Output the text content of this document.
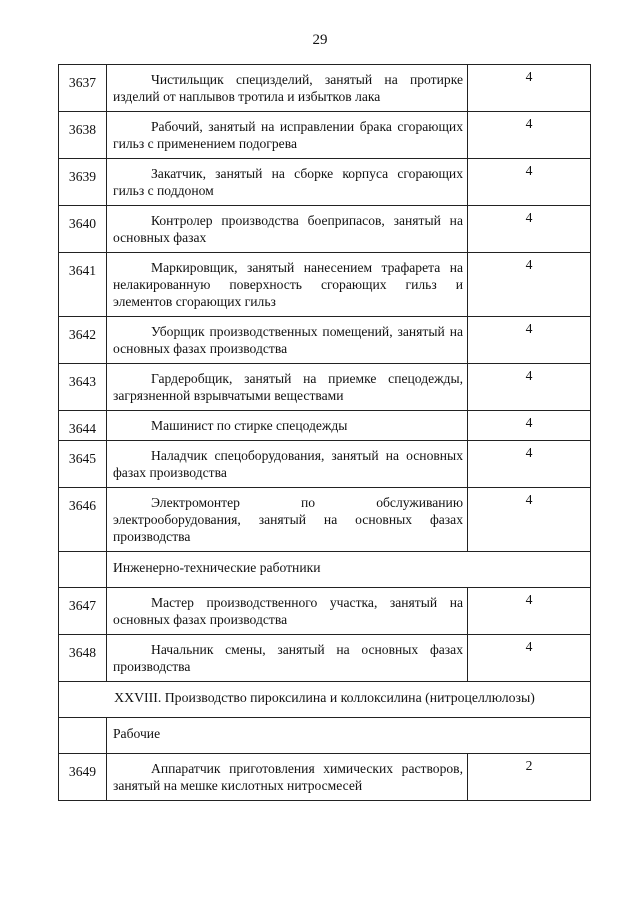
29
3637	Чистильщик специзделий, занятый на протирке изделий от наплывов тротила и избытков лака	4
3638	Рабочий, занятый на исправлении брака сгорающих гильз с применением подогрева	4
3639	Закатчик, занятый на сборке корпуса сгорающих гильз с поддоном	4
3640	Контролер производства боеприпасов, занятый на основных фазах	4
3641	Маркировщик, занятый нанесением трафарета на нелакированную поверхность сгорающих гильз и элементов сгорающих гильз	4
3642	Уборщик производственных помещений, занятый на основных фазах производства	4
3643	Гардеробщик, занятый на приемке спецодежды, загрязненной взрывчатыми веществами	4
3644	Машинист по стирке спецодежды	4
3645	Наладчик спецоборудования, занятый на основных фазах производства	4
3646	Электромонтер по обслуживанию электрооборудования, занятый на основных фазах производства	4
	Инженерно-технические работники	
3647	Мастер производственного участка, занятый на основных фазах производства	4
3648	Начальник смены, занятый на основных фазах производства	4
XXVIII. Производство пироксилина и коллоксилина (нитроцеллюлозы)		
	Рабочие	
3649	Аппаратчик приготовления химических растворов, занятый на мешке кислотных нитросмесей	2
